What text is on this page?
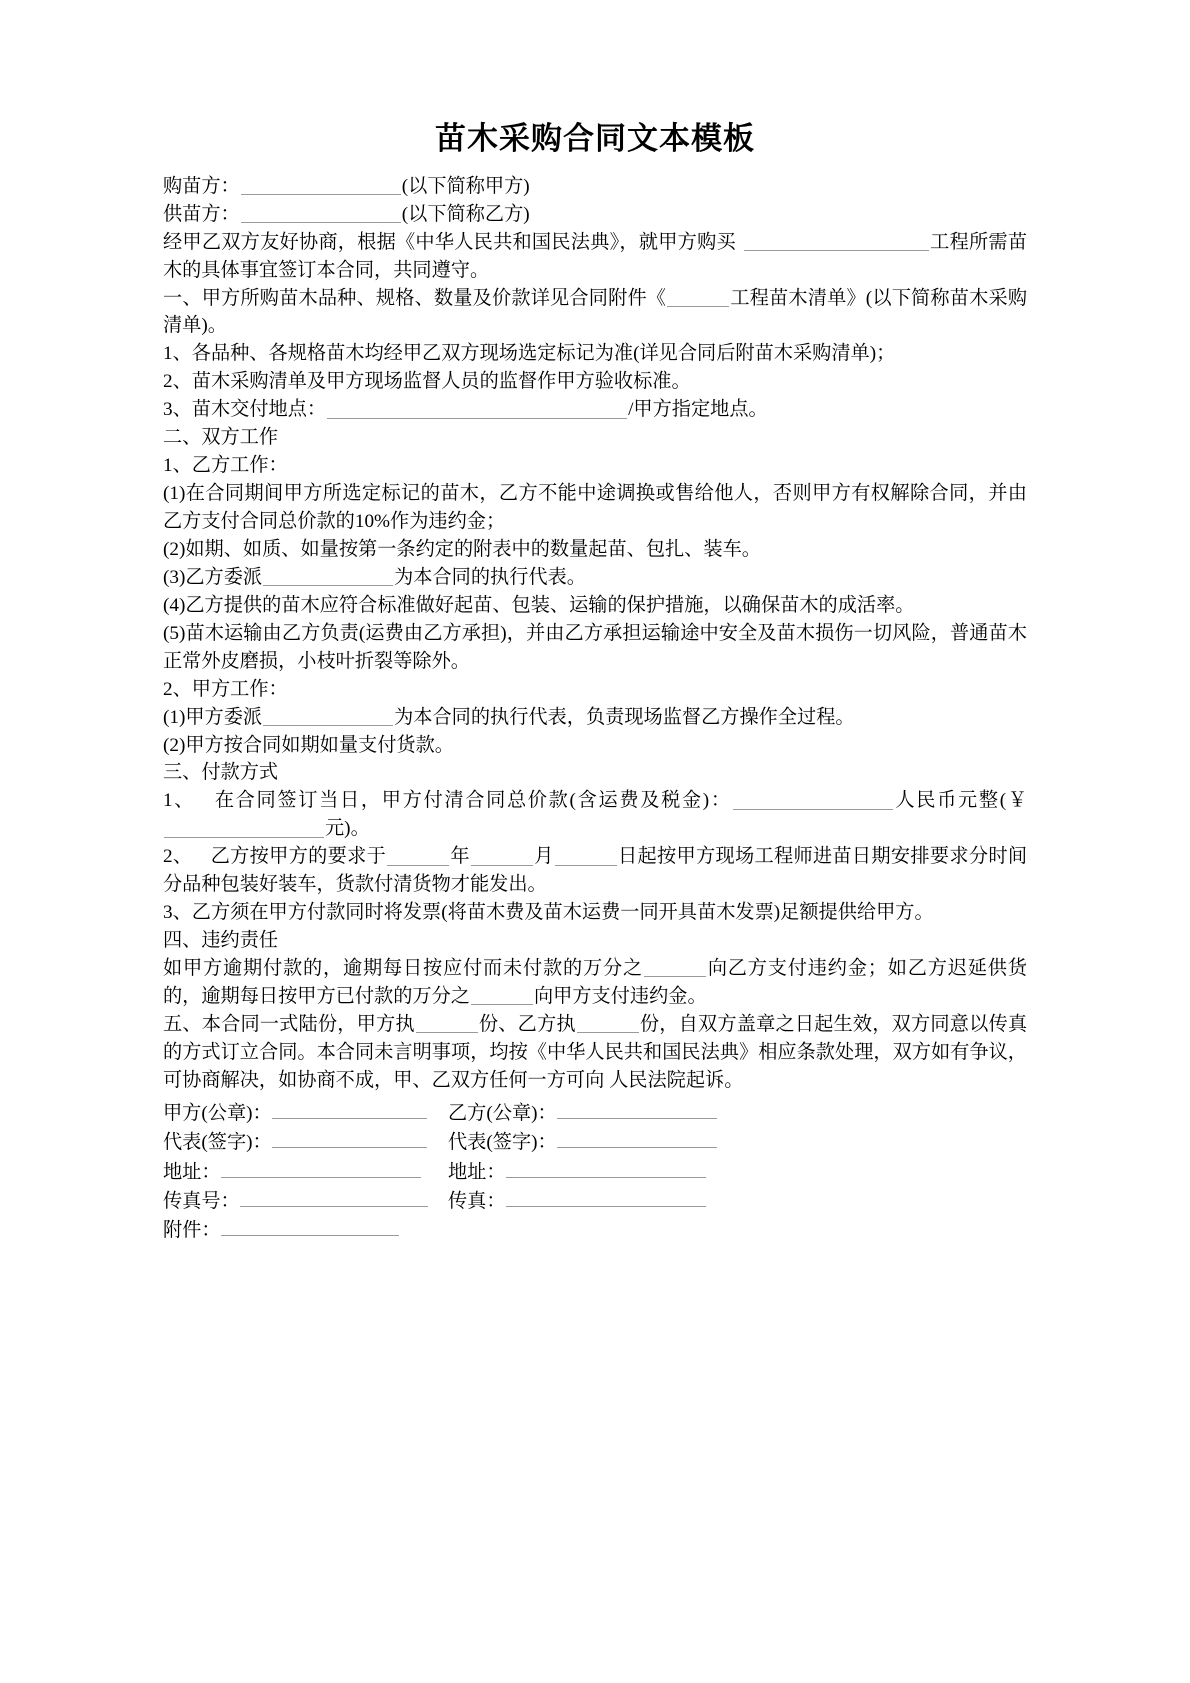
苗木采购合同文本模板

购苗方：	(以下简称甲方)

供苗方：	(以下简称乙方)

经甲乙双方友好协商，根据《中华人民共和国民法典》，就甲方购买	工程所需苗木的具体事宜签订本合同，共同遵守。

一、甲方所购苗木品种、规格、数量及价款详见合同附件《	工程苗木清单》(以下简称苗木采购清单)。

1、各品种、各规格苗木均经甲乙双方现场选定标记为准(详见合同后附苗木采购清单)；

2、苗木采购清单及甲方现场监督人员的监督作甲方验收标准。

3、苗木交付地点：	/甲方指定地点。

二、双方工作

1、乙方工作：

(1)在合同期间甲方所选定标记的苗木，乙方不能中途调换或售给他人，否则甲方有权解除合同，并由乙方支付合同总价款的10%作为违约金；

(2)如期、如质、如量按第一条约定的附表中的数量起苗、包扎、装车。

(3)乙方委派	为本合同的执行代表。

(4)乙方提供的苗木应符合标准做好起苗、包装、运输的保护措施，以确保苗木的成活率。

(5)苗木运输由乙方负责(运费由乙方承担)，并由乙方承担运输途中安全及苗木损伤一切风险，普通苗木正常外皮磨损，小枝叶折裂等除外。

2、甲方工作：

(1)甲方委派	为本合同的执行代表，负责现场监督乙方操作全过程。

(2)甲方按合同如期如量支付货款。

三、付款方式

1、 在合同签订当日，甲方付清合同总价款(含运费及税金)：	人民币元整(￥元)。

2、 乙方按甲方的要求于	年	月	日起按甲方现场工程师进苗日期安排要求分时间分品种包装好装车，货款付清货物才能发出。

3、乙方须在甲方付款同时将发票(将苗木费及苗木运费一同开具苗木发票)足额提供给甲方。

四、违约责任

如甲方逾期付款的，逾期每日按应付而未付款的万分之	向乙方支付违约金；如乙方迟延供货的，逾期每日按甲方已付款的万分之	向甲方支付违约金。

五、本合同一式陆份，甲方执	份、乙方执	份，自双方盖章之日起生效，双方同意以传真的方式订立合同。本合同未言明事项，均按《中华人民共和国民法典》相应条款处理，双方如有争议，可协商解决，如协商不成，甲、乙双方任何一方可向 人民法院起诉。

甲方(公章)：	乙方(公章)：
代表(签字)：	代表(签字)：
地址：	地址：
传真号：	传真：
附件：
